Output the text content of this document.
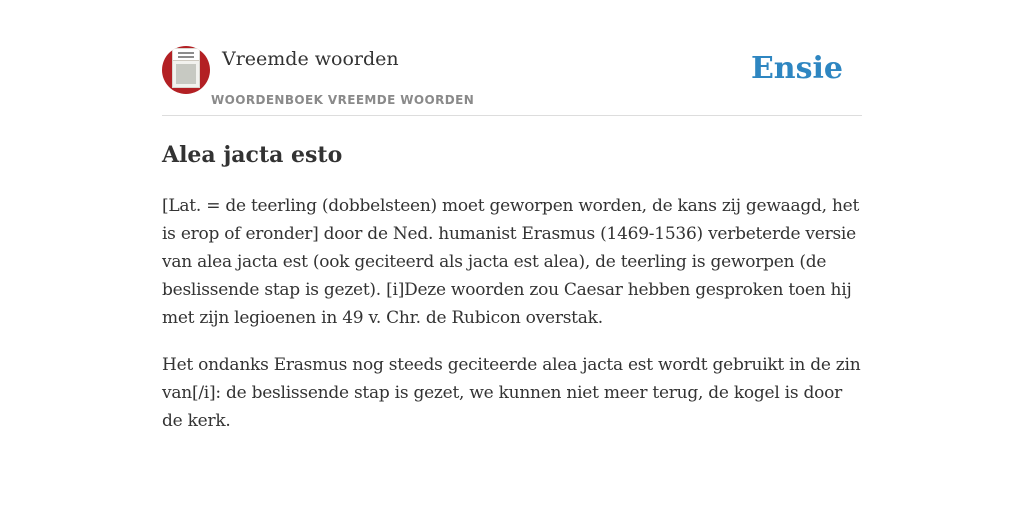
Vreemde woorden
WOORDENBOEK VREEMDE WOORDEN
Ensie
Alea jacta esto

[Lat. = de teerling (dobbelsteen) moet geworpen worden, de kans zij gewaagd, het is erop of eronder] door de Ned. humanist Erasmus (1469-1536) verbeterde versie van alea jacta est (ook geciteerd als jacta est alea), de teerling is geworpen (de beslissende stap is gezet). [i]Deze woorden zou Caesar hebben gesproken toen hij met zijn legioenen in 49 v. Chr. de Rubicon overstak.

Het ondanks Erasmus nog steeds geciteerde alea jacta est wordt gebruikt in de zin van[/i]: de beslissende stap is gezet, we kunnen niet meer terug, de kogel is door de kerk.
